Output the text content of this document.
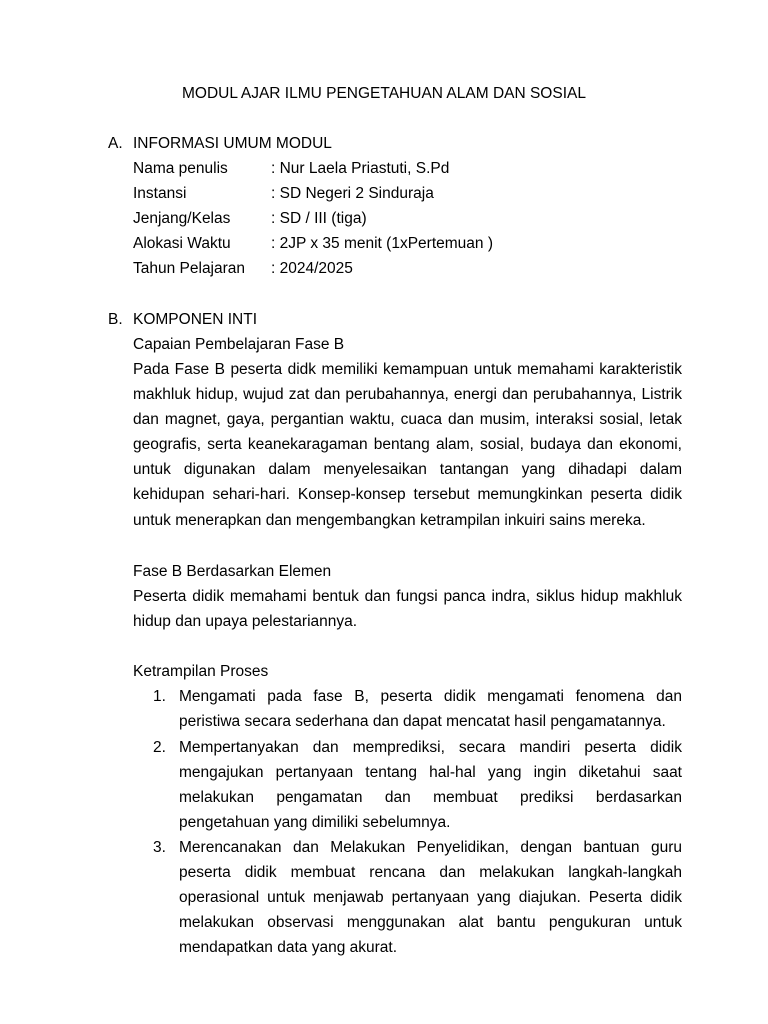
MODUL AJAR ILMU PENGETAHUAN ALAM DAN SOSIAL
A. INFORMASI UMUM MODUL
Nama penulis	: Nur Laela Priastuti, S.Pd
Instansi	: SD Negeri 2 Sinduraja
Jenjang/Kelas	: SD / III (tiga)
Alokasi Waktu	: 2JP x 35 menit (1xPertemuan )
Tahun Pelajaran : 2024/2025
B. KOMPONEN INTI
Capaian Pembelajaran Fase B
Pada Fase B peserta didk memiliki kemampuan untuk memahami karakteristik makhluk hidup, wujud zat dan perubahannya, energi dan perubahannya, Listrik dan magnet, gaya, pergantian waktu, cuaca dan musim, interaksi sosial, letak geografis, serta keanekaragaman bentang alam, sosial, budaya dan ekonomi, untuk digunakan dalam menyelesaikan tantangan yang dihadapi dalam kehidupan sehari-hari. Konsep-konsep tersebut memungkinkan peserta didik untuk menerapkan dan mengembangkan ketrampilan inkuiri sains mereka.
Fase B Berdasarkan Elemen
Peserta didik memahami bentuk dan fungsi panca indra, siklus hidup makhluk hidup dan upaya pelestariannya.
Ketrampilan Proses
1. Mengamati pada fase B, peserta didik mengamati fenomena dan peristiwa secara sederhana dan dapat mencatat hasil pengamatannya.
2. Mempertanyakan dan memprediksi, secara mandiri peserta didik mengajukan pertanyaan tentang hal-hal yang ingin diketahui saat melakukan pengamatan dan membuat prediksi berdasarkan pengetahuan yang dimiliki sebelumnya.
3. Merencanakan dan Melakukan Penyelidikan, dengan bantuan guru peserta didik membuat rencana dan melakukan langkah-langkah operasional untuk menjawab pertanyaan yang diajukan. Peserta didik melakukan observasi menggunakan alat bantu pengukuran untuk mendapatkan data yang akurat.
